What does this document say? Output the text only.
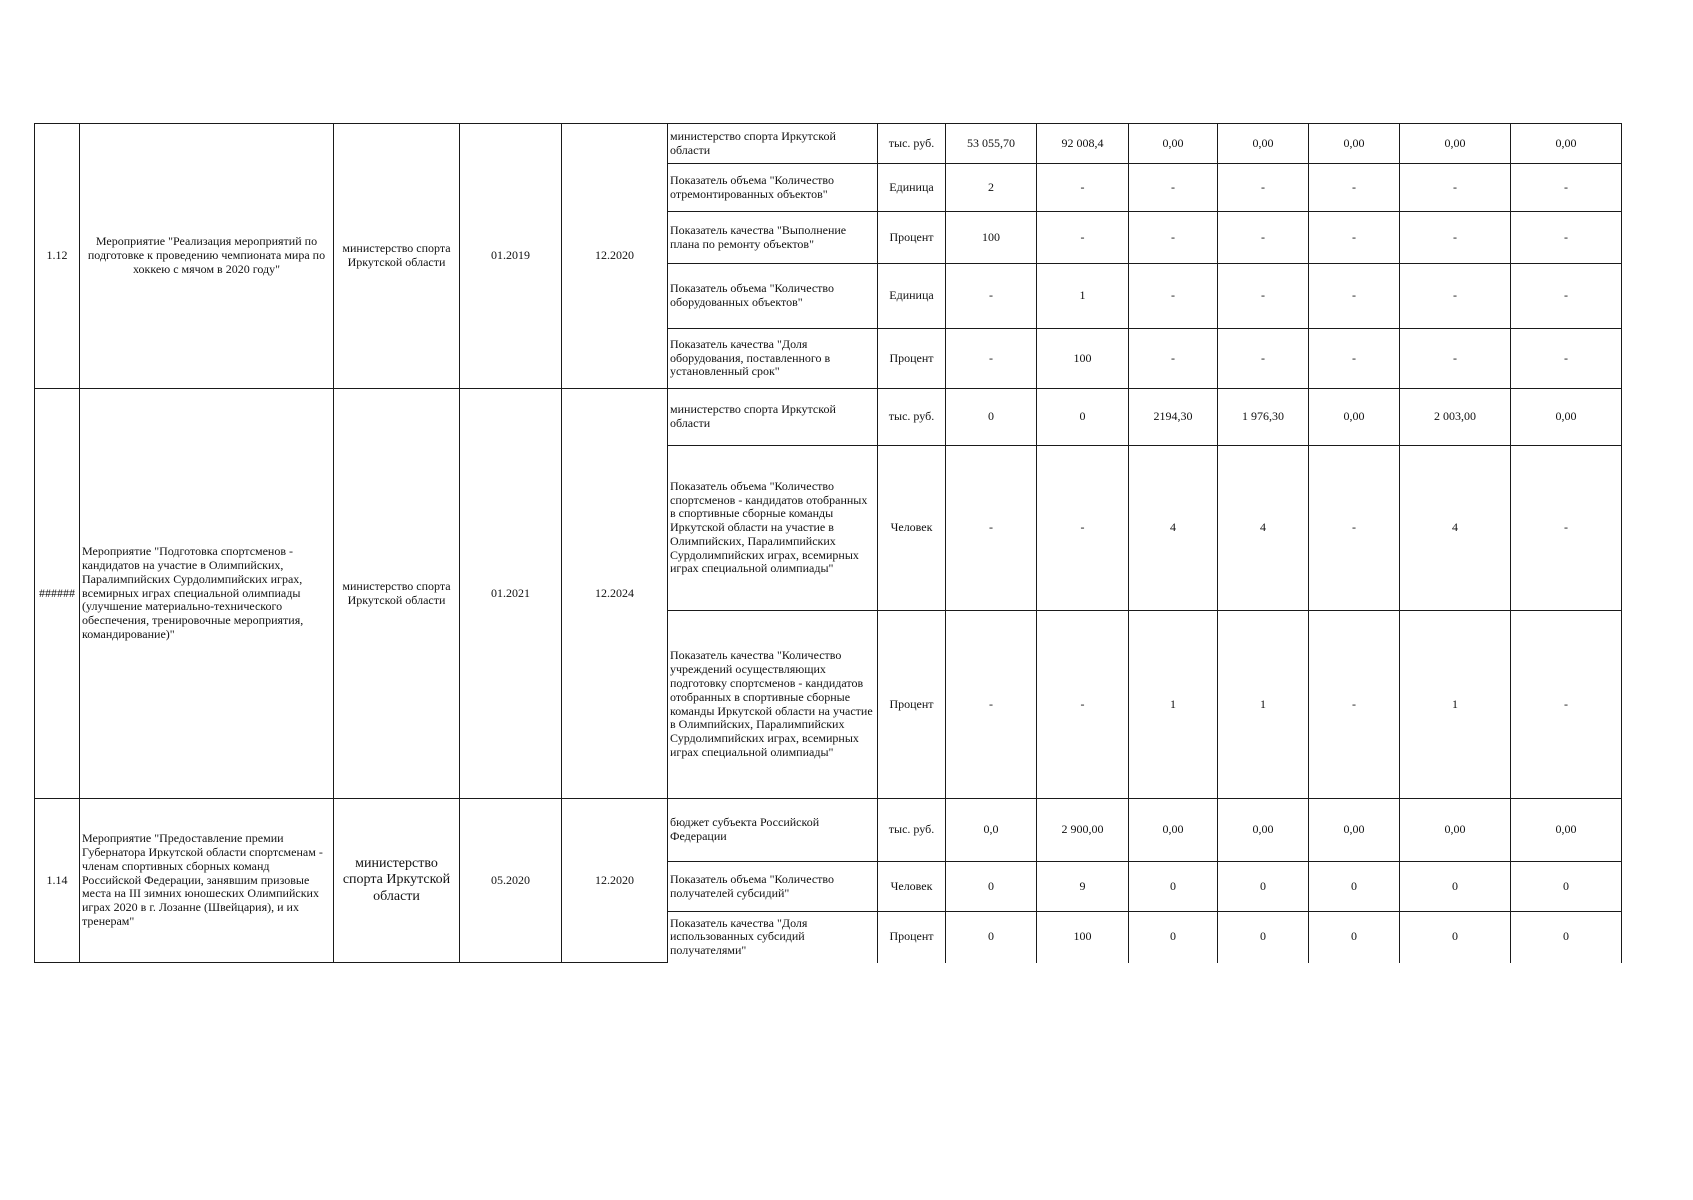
1.12	Мероприятие "Реализация мероприятий по подготовке к проведению чемпионата мира по хоккею с мячом в 2020 году"	министерство спорта Иркутской области	01.2019	12.2020	министерство спорта Иркутской области	тыс. руб.	53 055,70	92 008,4	0,00	0,00	0,00	0,00	0,00
					Показатель объема "Количество отремонтированных объектов"	Единица	2	-	-	-	-	-	-
					Показатель качества "Выполнение плана по ремонту объектов"	Процент	100	-	-	-	-	-	-
					Показатель объема "Количество оборудованных объектов"	Единица	-	1	-	-	-	-	-
					Показатель качества "Доля оборудования, поставленного в установленный срок"	Процент	-	100	-	-	-	-	-
######	Мероприятие "Подготовка спортсменов - кандидатов на участие в Олимпийских, Паралимпийских Сурдолимпийских играх, всемирных играх специальной олимпиады (улучшение материально-технического обеспечения, тренировочные мероприятия, командирование)"	министерство спорта Иркутской области	01.2021	12.2024	министерство спорта Иркутской области	тыс. руб.	0	0	2194,30	1 976,30	0,00	2 003,00	0,00
					Показатель объема "Количество спортсменов - кандидатов отобранных в спортивные сборные команды Иркутской области на участие в Олимпийских, Паралимпийских Сурдолимпийских играх, всемирных играх специальной олимпиады"	Человек	-	-	4	4	-	4	-
					Показатель качества "Количество учреждений осуществляющих подготовку спортсменов - кандидатов отобранных в спортивные сборные команды Иркутской области на участие в Олимпийских, Паралимпийских Сурдолимпийских играх, всемирных играх специальной олимпиады"	Процент	-	-	1	1	-	1	-
1.14	Мероприятие "Предоставление премии Губернатора Иркутской области спортсменам - членам спортивных сборных команд Российской Федерации, занявшим призовые места на III зимних юношеских Олимпийских играх 2020 в г. Лозанне (Швейцария), и их тренерам"	министерство спорта Иркутской области	05.2020	12.2020	бюджет субъекта Российской Федерации	тыс. руб.	0,0	2 900,00	0,00	0,00	0,00	0,00	0,00
					Показатель объема "Количество получателей субсидий"	Человек	0	9	0	0	0	0	0
					Показатель качества "Доля использованных субсидий получателями"	Процент	0	100	0	0	0	0	0
